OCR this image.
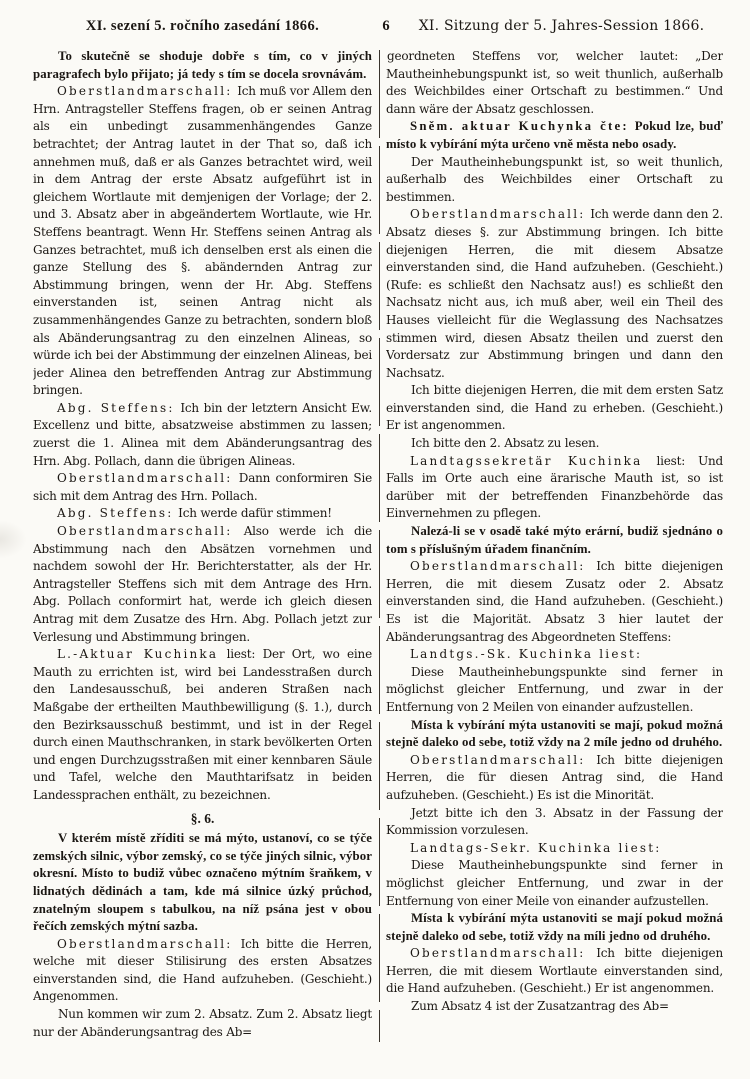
XI. sezení 5. ročního zasedání 1866.	6	XI. Sitzung der 5. Jahres-Session 1866.

To skutečně se shoduje dobře s tím, co v jiných paragrafech bylo přijato; já tedy s tím se docela srovnávám.

Oberstlandmarschall: Ich muß vor Allem den Hrn. Antragsteller Steffens fragen, ob er seinen Antrag als ein unbedingt zusammenhängendes Ganze betrachtet; der Antrag lautet in der That so, daß ich annehmen muß, daß er als Ganzes betrachtet wird, weil in dem Antrag der erste Absatz aufgeführt ist in gleichem Wortlaute mit demjenigen der Vorlage; der 2. und 3. Absatz aber in abgeändertem Wortlaute, wie Hr. Steffens beantragt. Wenn Hr. Steffens seinen Antrag als Ganzes betrachtet, muß ich denselben erst als einen die ganze Stellung des §. abändernden Antrag zur Abstimmung bringen, wenn der Hr. Abg. Steffens einverstanden ist, seinen Antrag nicht als zusammenhängendes Ganze zu betrachten, sondern bloß als Abänderungsantrag zu den einzelnen Alineas, so würde ich bei der Abstimmung der einzelnen Alineas, bei jeder Alinea den betreffenden Antrag zur Abstimmung bringen.

Abg. Steffens: Ich bin der letztern Ansicht Ew. Excellenz und bitte, absatzweise abstimmen zu lassen; zuerst die 1. Alinea mit dem Abänderungsantrag des Hrn. Abg. Pollach, dann die übrigen Alineas.

Oberstlandmarschall: Dann conformiren Sie sich mit dem Antrag des Hrn. Pollach.

Abg. Steffens: Ich werde dafür stimmen!

Oberstlandmarschall: Also werde ich die Abstimmung nach den Absätzen vornehmen und nachdem sowohl der Hr. Berichterstatter, als der Hr. Antragsteller Steffens sich mit dem Antrage des Hrn. Abg. Pollach conformirt hat, werde ich gleich diesen Antrag mit dem Zusatze des Hrn. Abg. Pollach jetzt zur Verlesung und Abstimmung bringen.

L.-Aktuar Kuchinka liest: Der Ort, wo eine Mauth zu errichten ist, wird bei Landesstraßen durch den Landesausschuß, bei anderen Straßen nach Maßgabe der ertheilten Mauthbewilligung (§. 1.), durch den Bezirksausschuß bestimmt, und ist in der Regel durch einen Mauthschranken, in stark bevölkerten Orten und engen Durchzugsstraßen mit einer kennbaren Säule und Tafel, welche den Mauthtarifsatz in beiden Landessprachen enthält, zu bezeichnen.

§. 6.

V kterém místě zříditi se má mýto, ustanoví, co se týče zemských silnic, výbor zemský, co se týče jiných silnic, výbor okresní. Místo to budiž vůbec označeno mýtním šraňkem, v lidnatých dědinách a tam, kde má silnice úzký průchod, znatelným sloupem s tabulkou, na níž psána jest v obou řečích zemských mýtní sazba.

Oberstlandmarschall: Ich bitte die Herren, welche mit dieser Stilisirung des ersten Absatzes einverstanden sind, die Hand aufzuheben. (Geschieht.) Angenommen.

Nun kommen wir zum 2. Absatz. Zum 2. Absatz liegt nur der Abänderungsantrag des Ab=

geordneten Steffens vor, welcher lautet: „Der Mautheinhebungspunkt ist, so weit thunlich, außerhalb des Weichbildes einer Ortschaft zu bestimmen.“ Und dann wäre der Absatz geschlossen.

Sněm. aktuar Kuchynka čte: Pokud lze, buď místo k vybírání mýta určeno vně města nebo osady.

Der Mautheinhebungspunkt ist, so weit thunlich, außerhalb des Weichbildes einer Ortschaft zu bestimmen.

Oberstlandmarschall: Ich werde dann den 2. Absatz dieses §. zur Abstimmung bringen. Ich bitte diejenigen Herren, die mit diesem Absatze einverstanden sind, die Hand aufzuheben. (Geschieht.) (Rufe: es schließt den Nachsatz aus!) es schließt den Nachsatz nicht aus, ich muß aber, weil ein Theil des Hauses vielleicht für die Weglassung des Nachsatzes stimmen wird, diesen Absatz theilen und zuerst den Vordersatz zur Abstimmung bringen und dann den Nachsatz.

Ich bitte diejenigen Herren, die mit dem ersten Satz einverstanden sind, die Hand zu erheben. (Geschieht.) Er ist angenommen.

Ich bitte den 2. Absatz zu lesen.

Landtagssekretär Kuchinka liest: Und Falls im Orte auch eine ärarische Mauth ist, so ist darüber mit der betreffenden Finanzbehörde das Einvernehmen zu pflegen.

Nalezá-li se v osadě také mýto erární, budiž sjednáno o tom s příslušným úřadem finančním.

Oberstlandmarschall: Ich bitte diejenigen Herren, die mit diesem Zusatz oder 2. Absatz einverstanden sind, die Hand aufzuheben. (Geschieht.) Es ist die Majorität. Absatz 3 hier lautet der Abänderungsantrag des Abgeordneten Steffens:

Landtgs.-Sk. Kuchinka liest:

Diese Mautheinhebungspunkte sind ferner in möglichst gleicher Entfernung, und zwar in der Entfernung von 2 Meilen von einander aufzustellen.

Místa k vybírání mýta ustanoviti se mají, pokud možná stejně daleko od sebe, totiž vždy na 2 míle jedno od druhého.

Oberstlandmarschall: Ich bitte diejenigen Herren, die für diesen Antrag sind, die Hand aufzuheben. (Geschieht.) Es ist die Minorität.

Jetzt bitte ich den 3. Absatz in der Fassung der Kommission vorzulesen.

Landtags-Sekr. Kuchinka liest:

Diese Mautheinhebungspunkte sind ferner in möglichst gleicher Entfernung, und zwar in der Entfernung von einer Meile von einander aufzustellen.

Místa k vybírání mýta ustanoviti se mají pokud možná stejně daleko od sebe, totiž vždy na míli jedno od druhého.

Oberstlandmarschall: Ich bitte diejenigen Herren, die mit diesem Wortlaute einverstanden sind, die Hand aufzuheben. (Geschieht.) Er ist angenommen.

Zum Absatz 4 ist der Zusatzantrag des Ab=
